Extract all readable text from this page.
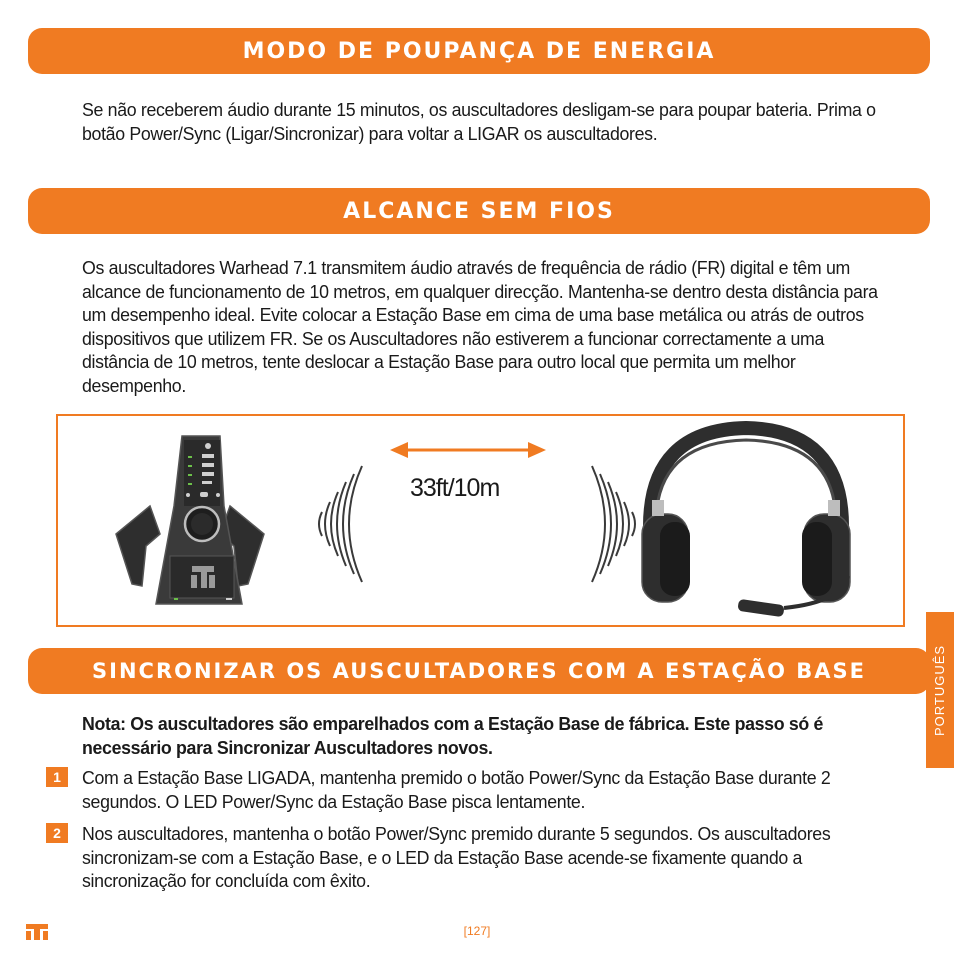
MODO DE POUPANÇA DE ENERGIA

Se não receberem áudio durante 15 minutos, os auscultadores desligam-se para poupar bateria. Prima o botão Power/Sync (Ligar/Sincronizar) para voltar a LIGAR os auscultadores.

ALCANCE SEM FIOS

Os auscultadores Warhead 7.1 transmitem áudio através de frequência de rádio (FR) digital e têm um alcance de funcionamento de 10 metros, em qualquer direcção. Mantenha-se dentro desta distância para um desempenho ideal. Evite colocar a Estação Base em cima de uma base metálica ou atrás de outros dispositivos que utilizem FR. Se os Auscultadores não estiverem a funcionar correctamente a uma distância de 10 metros, tente deslocar a Estação Base para outro local que permita um melhor desempenho.

33ft/10m
SINCRONIZAR OS AUSCULTADORES COM A ESTAÇÃO BASE

Nota: Os auscultadores são emparelhados com a Estação Base de fábrica. Este passo só é necessário para Sincronizar Auscultadores novos.

1	Com a Estação Base LIGADA, mantenha premido o botão Power/Sync da Estação Base durante 2 segundos. O LED Power/Sync da Estação Base pisca lentamente.

2	Nos auscultadores, mantenha o botão Power/Sync premido durante 5 segundos. Os auscultadores sincronizam-se com a Estação Base, e o LED da Estação Base acende-se fixamente quando a sincronização for concluída com êxito.

PORTUGUÊS
[127]
